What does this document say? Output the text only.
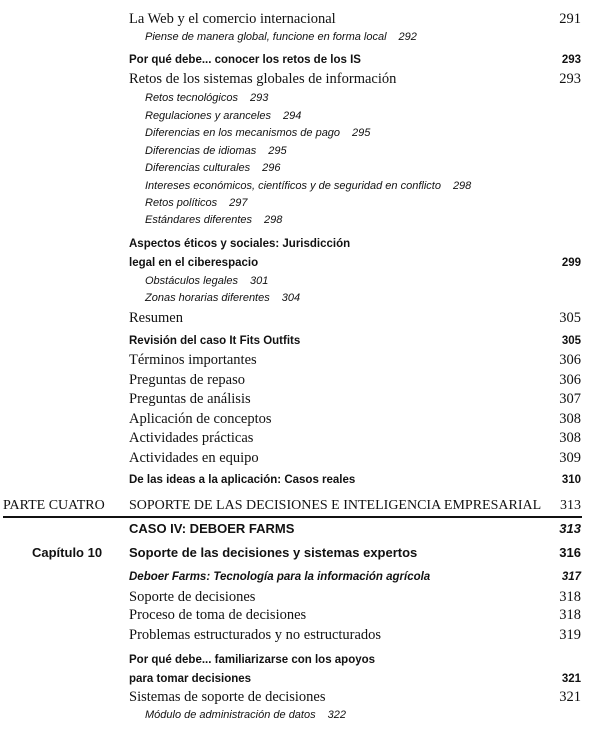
La Web y el comercio internacional	291
Piense de manera global, funcione en forma local 292
Por qué debe... conocer los retos de los IS	293
Retos de los sistemas globales de información	293
Retos tecnológicos 293
Regulaciones y aranceles 294
Diferencias en los mecanismos de pago 295
Diferencias de idiomas 295
Diferencias culturales 296
Intereses económicos, científicos y de seguridad en conflicto 298
Retos políticos 297
Estándares diferentes 298
Aspectos éticos y sociales: Jurisdicción
legal en el ciberespacio	299
Obstáculos legales 301
Zonas horarias diferentes 304
Resumen	305
Revisión del caso It Fits Outfits	305
Términos importantes	306
Preguntas de repaso	306
Preguntas de análisis	307
Aplicación de conceptos	308
Actividades prácticas	308
Actividades en equipo	309
De las ideas a la aplicación: Casos reales	310
PARTE CUATRO SOPORTE DE LAS DECISIONES E INTELIGENCIA EMPRESARIAL 313
CASO IV: DEBOER FARMS	313
Capítulo 10 Soporte de las decisiones y sistemas expertos	316
Deboer Farms: Tecnología para la información agrícola	317
Soporte de decisiones	318
Proceso de toma de decisiones	318
Problemas estructurados y no estructurados	319
Por qué debe... familiarizarse con los apoyos
para tomar decisiones	321
Sistemas de soporte de decisiones	321
Módulo de administración de datos 322
